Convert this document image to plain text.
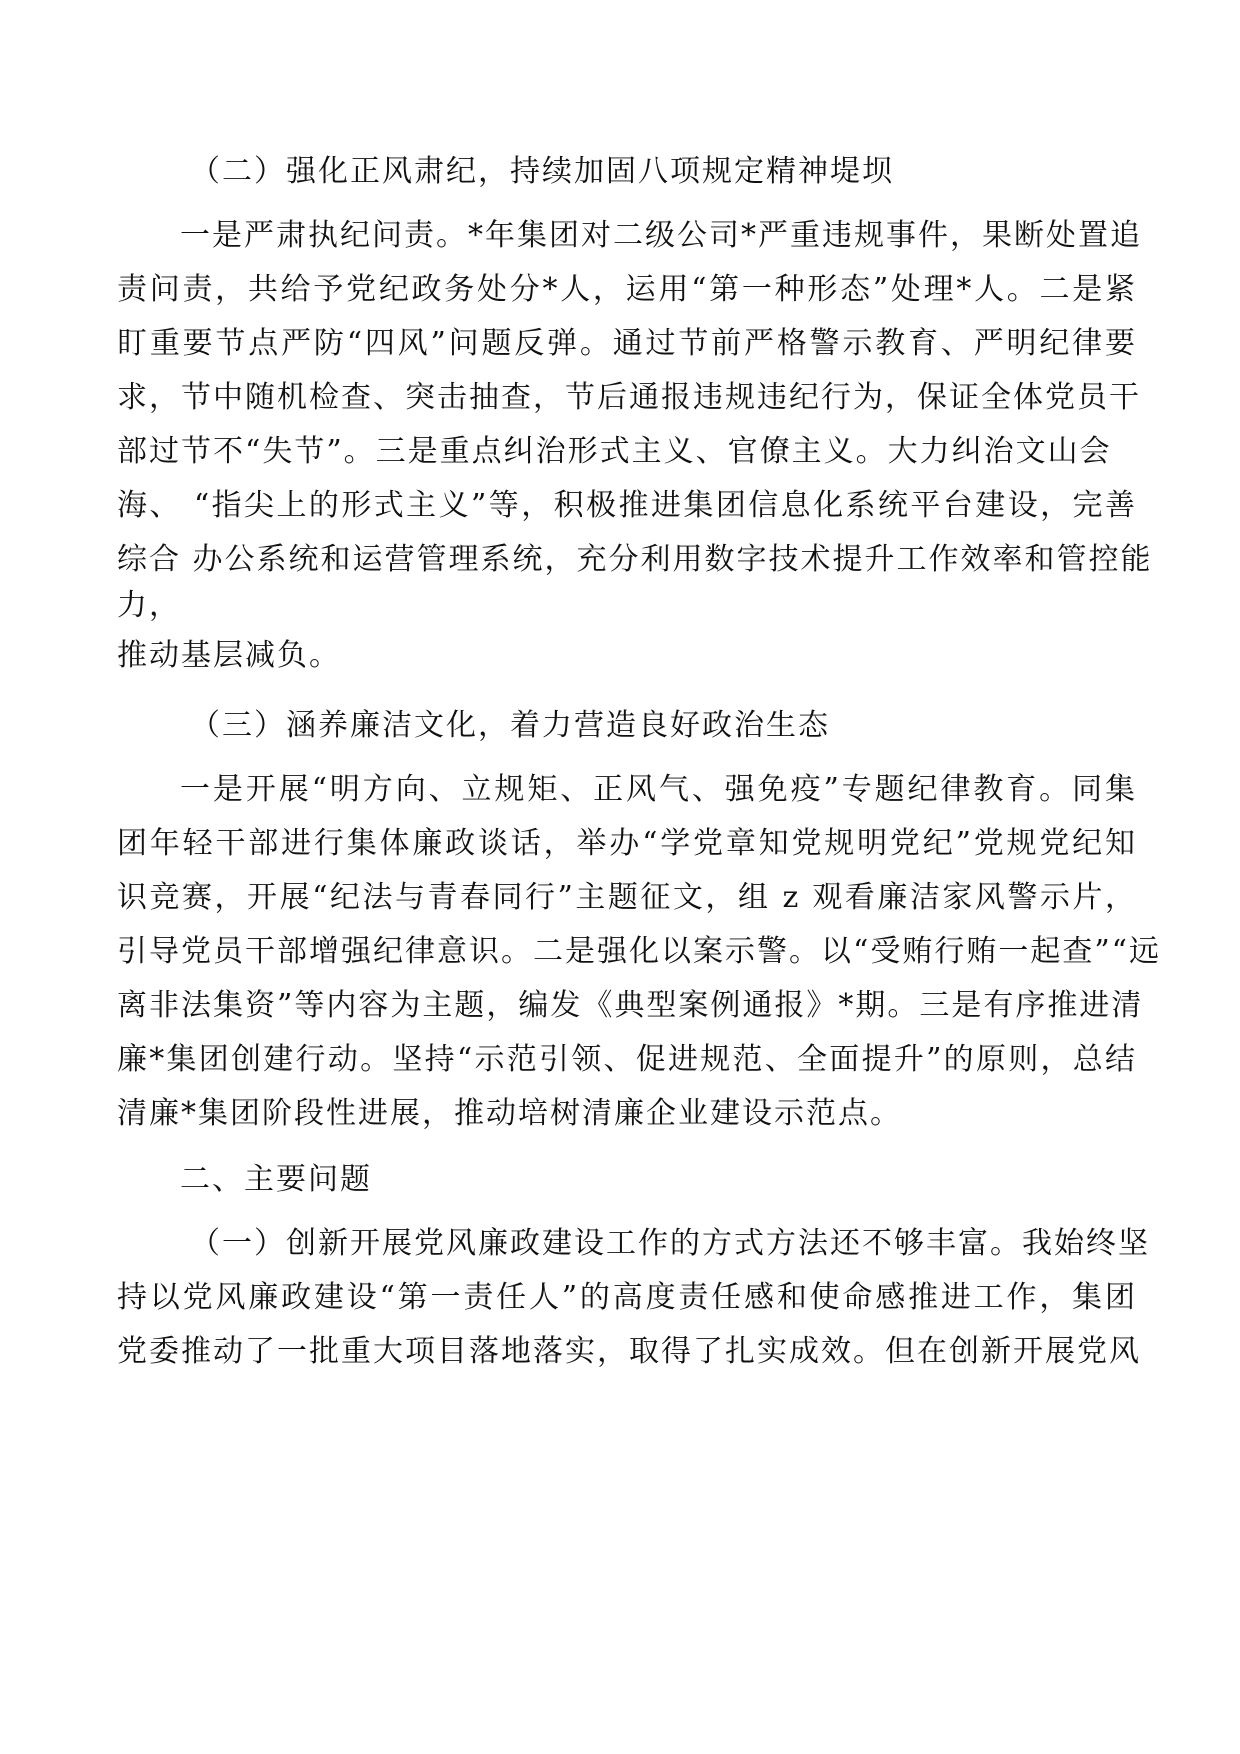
（二）强化正风肃纪，持续加固八项规定精神堤坝
一是严肃执纪问责。*年集团对二级公司*严重违规事件，果断处置追
责问责，共给予党纪政务处分*人，运用“第一种形态”处理*人。二是紧
盯重要节点严防“四风”问题反弹。通过节前严格警示教育、严明纪律要
求，节中随机检查、突击抽查，节后通报违规违纪行为，保证全体党员干
部过节不“失节”。三是重点纠治形式主义、官僚主义。大力纠治文山会
海、 “指尖上的形式主义”等，积极推进集团信息化系统平台建设，完善
综合 办公系统和运营管理系统，充分利用数字技术提升工作效率和管控能
力，
推动基层减负。
（三）涵养廉洁文化，着力营造良好政治生态
一是开展“明方向、立规矩、正风气、强免疫”专题纪律教育。同集
团年轻干部进行集体廉政谈话，举办“学党章知党规明党纪”党规党纪知
识竞赛，开展“纪法与青春同行”主题征文，组 z 观看廉洁家风警示片，
引导党员干部增强纪律意识。二是强化以案示警。以“受贿行贿一起查”“远
离非法集资”等内容为主题，编发《典型案例通报》*期。三是有序推进清
廉*集团创建行动。坚持“示范引领、促进规范、全面提升”的原则，总结
清廉*集团阶段性进展，推动培树清廉企业建设示范点。
二、主要问题
（一）创新开展党风廉政建设工作的方式方法还不够丰富。我始终坚
持以党风廉政建设“第一责任人”的高度责任感和使命感推进工作，集团
党委推动了一批重大项目落地落实，取得了扎实成效。但在创新开展党风
